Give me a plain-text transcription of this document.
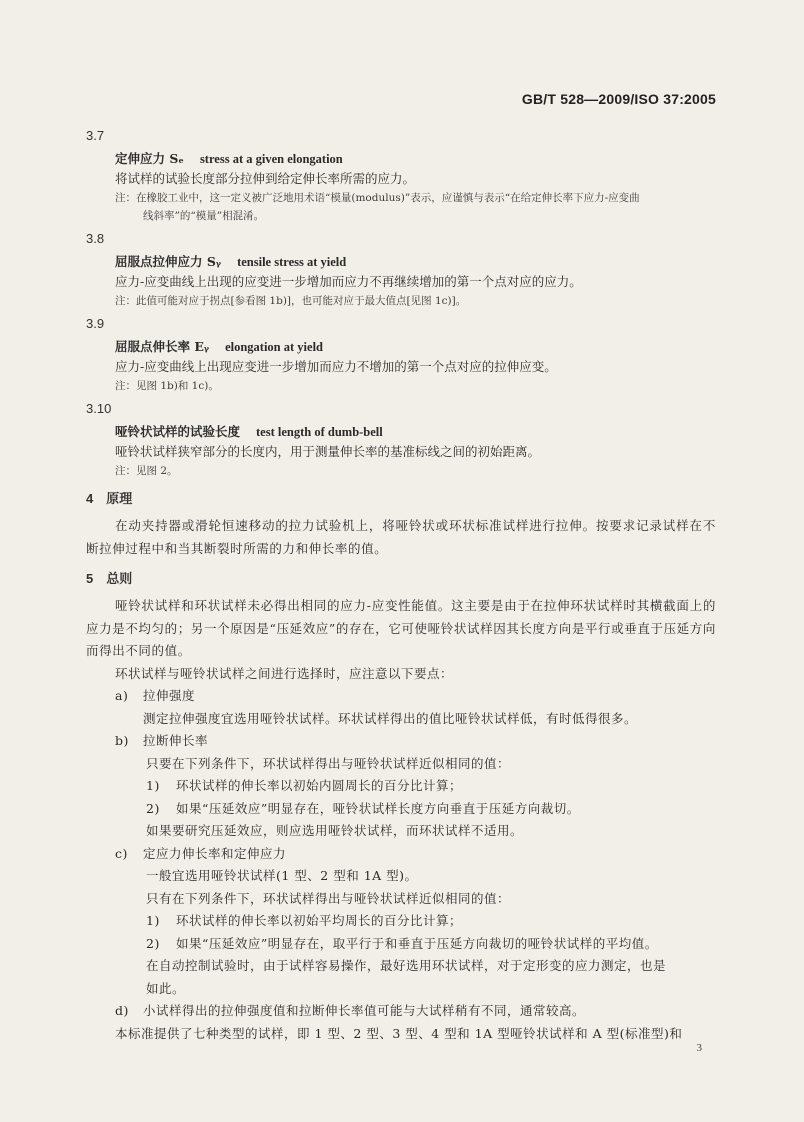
GB/T 528—2009/ISO 37:2005
3.7
定伸应力 Sₑ stress at a given elongation
将试样的试验长度部分拉伸到给定伸长率所需的应力。
注：在橡胶工业中，这一定义被广泛地用术语“模量(modulus)”表示，应谨慎与表示“在给定伸长率下应力-应变曲
线斜率”的“模量”相混淆。
3.8
屈服点拉伸应力 Sᵧ tensile stress at yield
应力-应变曲线上出现的应变进一步增加而应力不再继续增加的第一个点对应的应力。
注：此值可能对应于拐点[参看图 1b)]，也可能对应于最大值点[见图 1c)]。
3.9
屈服点伸长率 Eᵧ elongation at yield
应力-应变曲线上出现应变进一步增加而应力不增加的第一个点对应的拉伸应变。
注：见图 1b)和 1c)。
3.10
哑铃状试样的试验长度 test length of dumb-bell
哑铃状试样狭窄部分的长度内，用于测量伸长率的基准标线之间的初始距离。
注：见图 2。
4　原理
在动夹持器或滑轮恒速移动的拉力试验机上，将哑铃状或环状标准试样进行拉伸。按要求记录试样在不断拉伸过程中和当其断裂时所需的力和伸长率的值。
5　总则
哑铃状试样和环状试样未必得出相同的应力-应变性能值。这主要是由于在拉伸环状试样时其横截面上的应力是不均匀的；另一个原因是“压延效应”的存在，它可使哑铃状试样因其长度方向是平行或垂直于压延方向而得出不同的值。
环状试样与哑铃状试样之间进行选择时，应注意以下要点：
a) 拉伸强度
测定拉伸强度宜选用哑铃状试样。环状试样得出的值比哑铃状试样低，有时低得很多。
b) 拉断伸长率
只要在下列条件下，环状试样得出与哑铃状试样近似相同的值：
1) 环状试样的伸长率以初始内圆周长的百分比计算；
2) 如果“压延效应”明显存在，哑铃状试样长度方向垂直于压延方向裁切。
如果要研究压延效应，则应选用哑铃状试样，而环状试样不适用。
c) 定应力伸长率和定伸应力
一般宜选用哑铃状试样(1 型、2 型和 1A 型)。
只有在下列条件下，环状试样得出与哑铃状试样近似相同的值：
1) 环状试样的伸长率以初始平均周长的百分比计算；
2) 如果“压延效应”明显存在，取平行于和垂直于压延方向裁切的哑铃状试样的平均值。
在自动控制试验时，由于试样容易操作，最好选用环状试样，对于定形变的应力测定，也是
如此。
d) 小试样得出的拉伸强度值和拉断伸长率值可能与大试样稍有不同，通常较高。
本标准提供了七种类型的试样，即 1 型、2 型、3 型、4 型和 1A 型哑铃状试样和 A 型(标准型)和
3
